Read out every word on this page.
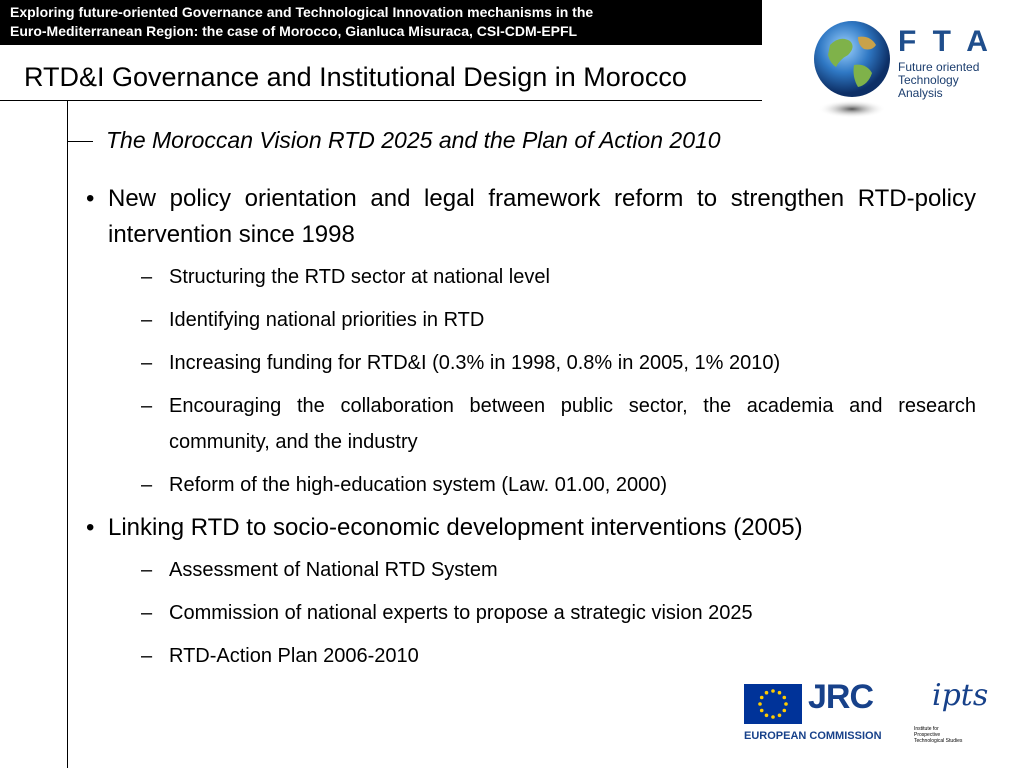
Exploring future-oriented Governance and Technological Innovation mechanisms in the
Euro-Mediterranean Region: the case of Morocco, Gianluca Misuraca, CSI-CDM-EPFL
RTD&I Governance and Institutional Design in Morocco
The Moroccan Vision RTD 2025 and the Plan of Action 2010
• New policy orientation and legal framework reform to strengthen RTD-policy intervention since 1998
– Structuring the RTD sector at national level
– Identifying national priorities in RTD
– Increasing funding for RTD&I (0.3% in 1998, 0.8% in 2005, 1% 2010)
– Encouraging the collaboration between public sector, the academia and research community, and the industry
– Reform of the high-education system (Law. 01.00, 2000)
• Linking RTD to socio-economic development interventions (2005)
– Assessment of National RTD System
– Commission of national experts to propose a strategic vision 2025
– RTD-Action Plan 2006-2010
F T A
Future oriented
Technology
Analysis
JRC
EUROPEAN COMMISSION
ipts
Institute for
Prospective
Technological Studies
